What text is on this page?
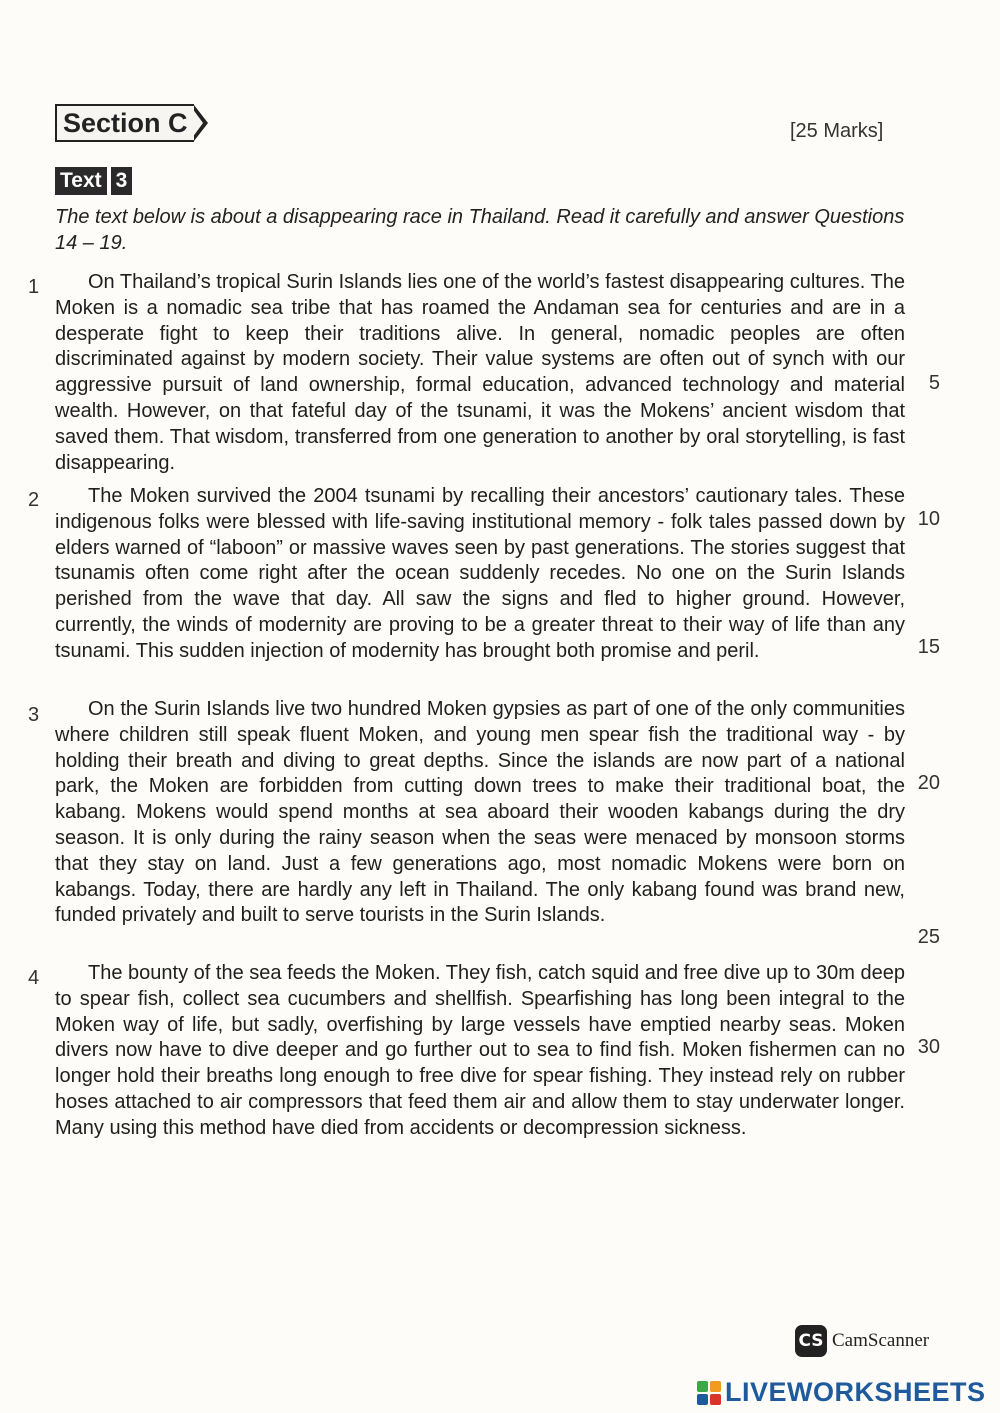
Section C	[25 Marks]
Text 3
The text below is about a disappearing race in Thailand. Read it carefully and answer Questions 14 – 19.
1	On Thailand’s tropical Surin Islands lies one of the world’s fastest disappearing cultures. The Moken is a nomadic sea tribe that has roamed the Andaman sea for centuries and are in a desperate fight to keep their traditions alive. In general, nomadic peoples are often discriminated against by modern society. Their value systems are often out of synch with our aggressive pursuit of land ownership, formal education, advanced technology and material wealth. However, on that fateful day of the tsunami, it was the Mokens’ ancient wisdom that saved them. That wisdom, transferred from one generation to another by oral storytelling, is fast disappearing.
2	The Moken survived the 2004 tsunami by recalling their ancestors’ cautionary tales. These indigenous folks were blessed with life-saving institutional memory - folk tales passed down by elders warned of “laboon” or massive waves seen by past generations. The stories suggest that tsunamis often come right after the ocean suddenly recedes. No one on the Surin Islands perished from the wave that day. All saw the signs and fled to higher ground. However, currently, the winds of modernity are proving to be a greater threat to their way of life than any tsunami. This sudden injection of modernity has brought both promise and peril.
3	On the Surin Islands live two hundred Moken gypsies as part of one of the only communities where children still speak fluent Moken, and young men spear fish the traditional way - by holding their breath and diving to great depths. Since the islands are now part of a national park, the Moken are forbidden from cutting down trees to make their traditional boat, the kabang. Mokens would spend months at sea aboard their wooden kabangs during the dry season. It is only during the rainy season when the seas were menaced by monsoon storms that they stay on land. Just a few generations ago, most nomadic Mokens were born on kabangs. Today, there are hardly any left in Thailand. The only kabang found was brand new, funded privately and built to serve tourists in the Surin Islands.
4	The bounty of the sea feeds the Moken. They fish, catch squid and free dive up to 30m deep to spear fish, collect sea cucumbers and shellfish. Spearfishing has long been integral to the Moken way of life, but sadly, overfishing by large vessels have emptied nearby seas. Moken divers now have to dive deeper and go further out to sea to find fish. Moken fishermen can no longer hold their breaths long enough to free dive for spear fishing. They instead rely on rubber hoses attached to air compressors that feed them air and allow them to stay underwater longer. Many using this method have died from accidents or decompression sickness.
5
10
15
20
25
30
CS CamScanner
LIVEWORKSHEETS
